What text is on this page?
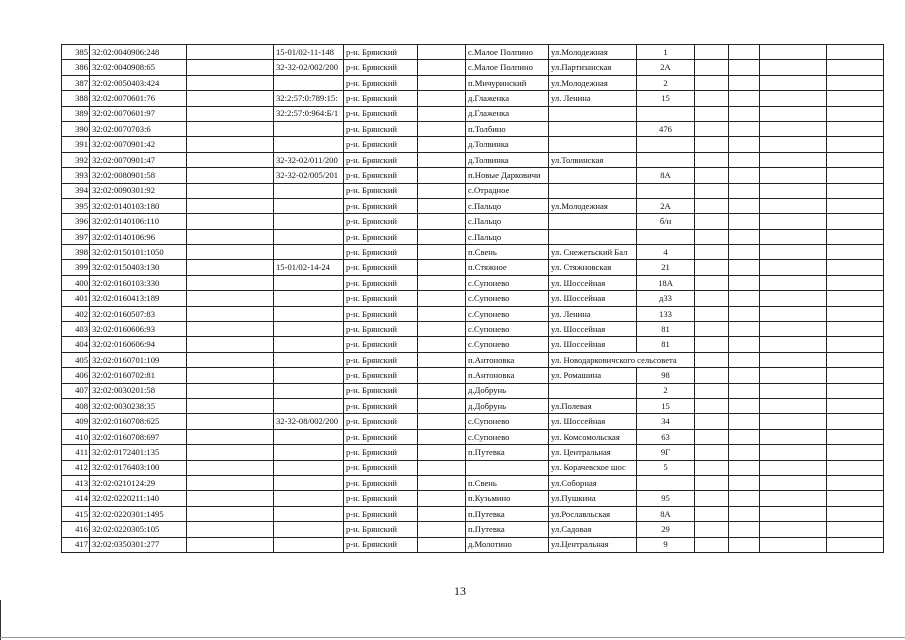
385	32:02:0040906:248		15-01/02-11-148	р-н. Брянский		с.Малое Полпино	ул.Молодежная	1				
386	32:02:0040908:65		32-32-02/002/200	р-н. Брянский		с.Малое Полпино	ул.Партизанская	2А				
387	32:02:0050403:424			р-н. Брянский		п.Мичуринский	ул.Молодежная	2				
388	32:02:0070601:76		32:2:57:0:789:15:	р-н. Брянский		д.Глаженка	ул. Ленина	15				
389	32:02:0070601:97		32:2:57:0:964:Б/1	р-н. Брянский		д.Глаженка						
390	32:02:0070703:6			р-н. Брянский		п.Толбино		476				
391	32:02:0070901:42			р-н. Брянский		д.Толвинка						
392	32:02:0070901:47		32-32-02/011/200	р-н. Брянский		д.Толвинка	ул.Толвинская					
393	32:02:0080901:58		32-32-02/005/201	р-н. Брянский		п.Новые Дарковичи		8А				
394	32:02:0090301:92			р-н. Брянский		с.Отрадное						
395	32:02:0140103:180			р-н. Брянский		с.Пальцо	ул.Молодежная	2А				
396	32:02:0140106:110			р-н. Брянский		с.Пальцо		б/н				
397	32:02:0140106:96			р-н. Брянский		с.Пальцо						
398	32:02:0150101:1050			р-н. Брянский		п.Свень	ул. Снежетьский Бал	4				
399	32:02:0150403:130		15-01/02-14-24	р-н. Брянский		п.Стяжное	ул. Стяжновская	21				
400	32:02:0160103:330			р-н. Брянский		с.Супонево	ул. Шоссейная	18А				
401	32:02:0160413:189			р-н. Брянский		с.Супонево	ул. Шоссейная	д33				
402	32:02:0160507:83			р-н. Брянский		с.Супонево	ул. Ленина	133				
403	32:02:0160606:93			р-н. Брянский		с.Супонево	ул. Шоссейная	81				
404	32:02:0160606:94			р-н. Брянский		с.Супонево	ул. Шоссейная	81				
405	32:02:0160701:109			р-н. Брянский		п.Антоновка	ул. Новодарковичского сельсовета					
406	32:02:0160702:81			р-н. Брянский		п.Антоновка	ул. Ромашина	98				
407	32:02:0030201:58			р-н. Брянский		д.Добрунь		2				
408	32:02:0030238:35			р-н. Брянский		д.Добрунь	ул.Полевая	15				
409	32:02:0160708:625		32-32-08/002/200	р-н. Брянский		с.Супонево	ул. Шоссейная	34				
410	32:02:0160708:697			р-н. Брянский		с.Супонево	ул. Комсомольская	63				
411	32:02:0172401:135			р-н. Брянский		п.Путевка	ул. Центральная	9Г				
412	32:02:0176403:100			р-н. Брянский			ул. Корачевское шос	5				
413	32:02:0210124:29			р-н. Брянский		п.Свень	ул.Соборная					
414	32:02:0220211:140			р-н. Брянский		п.Кузьмино	ул.Пушкина	95				
415	32:02:0220301:1495			р-н. Брянский		п.Путевка	ул.Рославльская	8А				
416	32:02:0220305:105			р-н. Брянский		п.Путевка	ул.Садовая	29				
417	32:02:0350301:277			р-н. Брянский		д.Молотино	ул.Центральная	9				
13
